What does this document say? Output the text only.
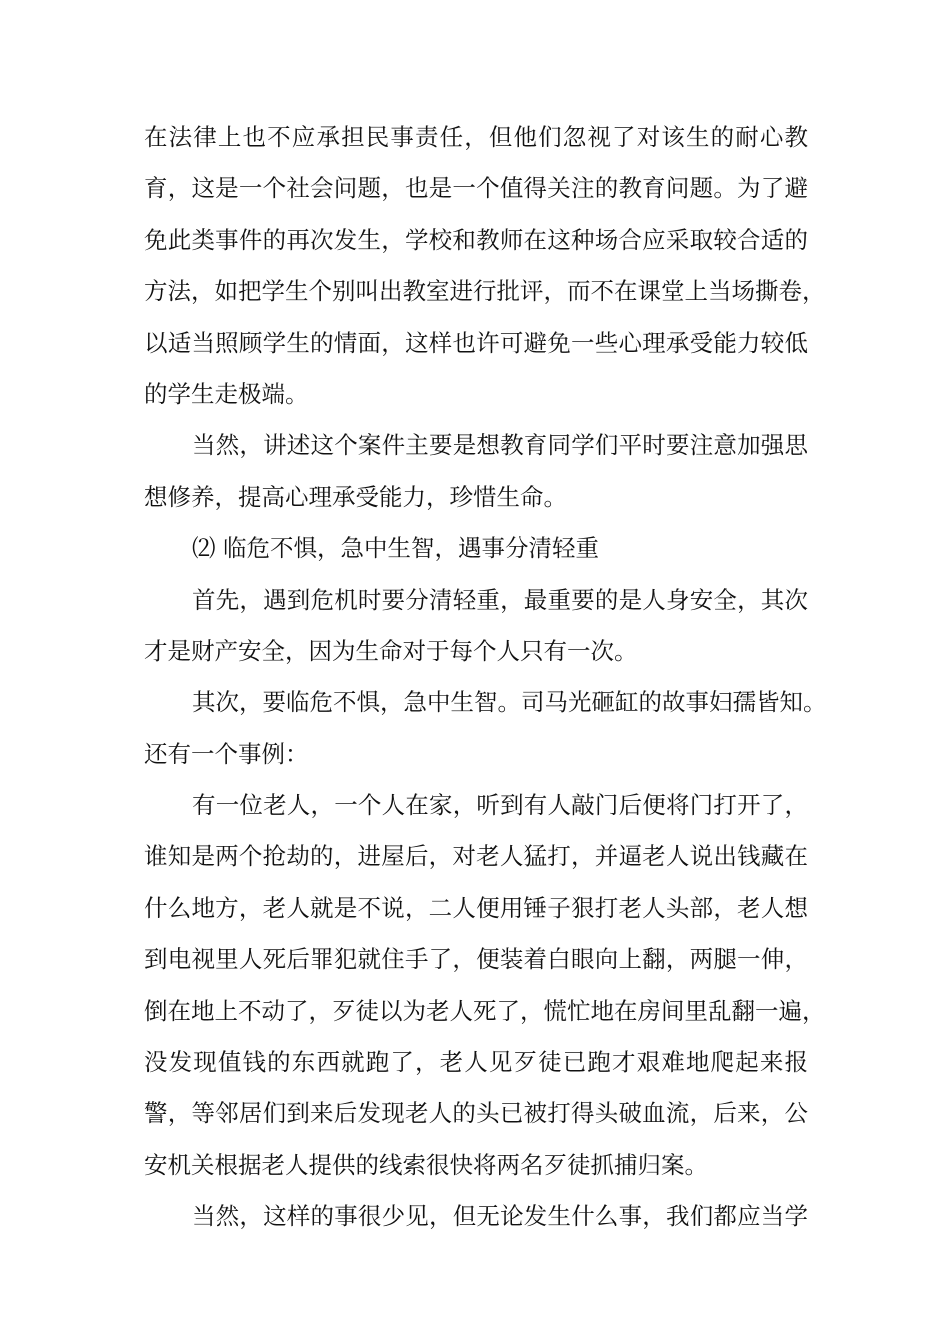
在法律上也不应承担民事责任，但他们忽视了对该生的耐心教
育，这是一个社会问题，也是一个值得关注的教育问题。为了避
免此类事件的再次发生，学校和教师在这种场合应采取较合适的
方法，如把学生个别叫出教室进行批评，而不在课堂上当场撕卷，
以适当照顾学生的情面，这样也许可避免一些心理承受能力较低
的学生走极端。
当然，讲述这个案件主要是想教育同学们平时要注意加强思
想修养，提高心理承受能力，珍惜生命。
⑵ 临危不惧，急中生智，遇事分清轻重
首先，遇到危机时要分清轻重，最重要的是人身安全，其次
才是财产安全，因为生命对于每个人只有一次。
其次，要临危不惧，急中生智。司马光砸缸的故事妇孺皆知。
还有一个事例：
有一位老人，一个人在家，听到有人敲门后便将门打开了，
谁知是两个抢劫的，进屋后，对老人猛打，并逼老人说出钱藏在
什么地方，老人就是不说，二人便用锤子狠打老人头部，老人想
到电视里人死后罪犯就住手了，便装着白眼向上翻，两腿一伸，
倒在地上不动了，歹徒以为老人死了，慌忙地在房间里乱翻一遍，
没发现值钱的东西就跑了，老人见歹徒已跑才艰难地爬起来报
警，等邻居们到来后发现老人的头已被打得头破血流，后来，公
安机关根据老人提供的线索很快将两名歹徒抓捕归案。
当然，这样的事很少见，但无论发生什么事，我们都应当学
